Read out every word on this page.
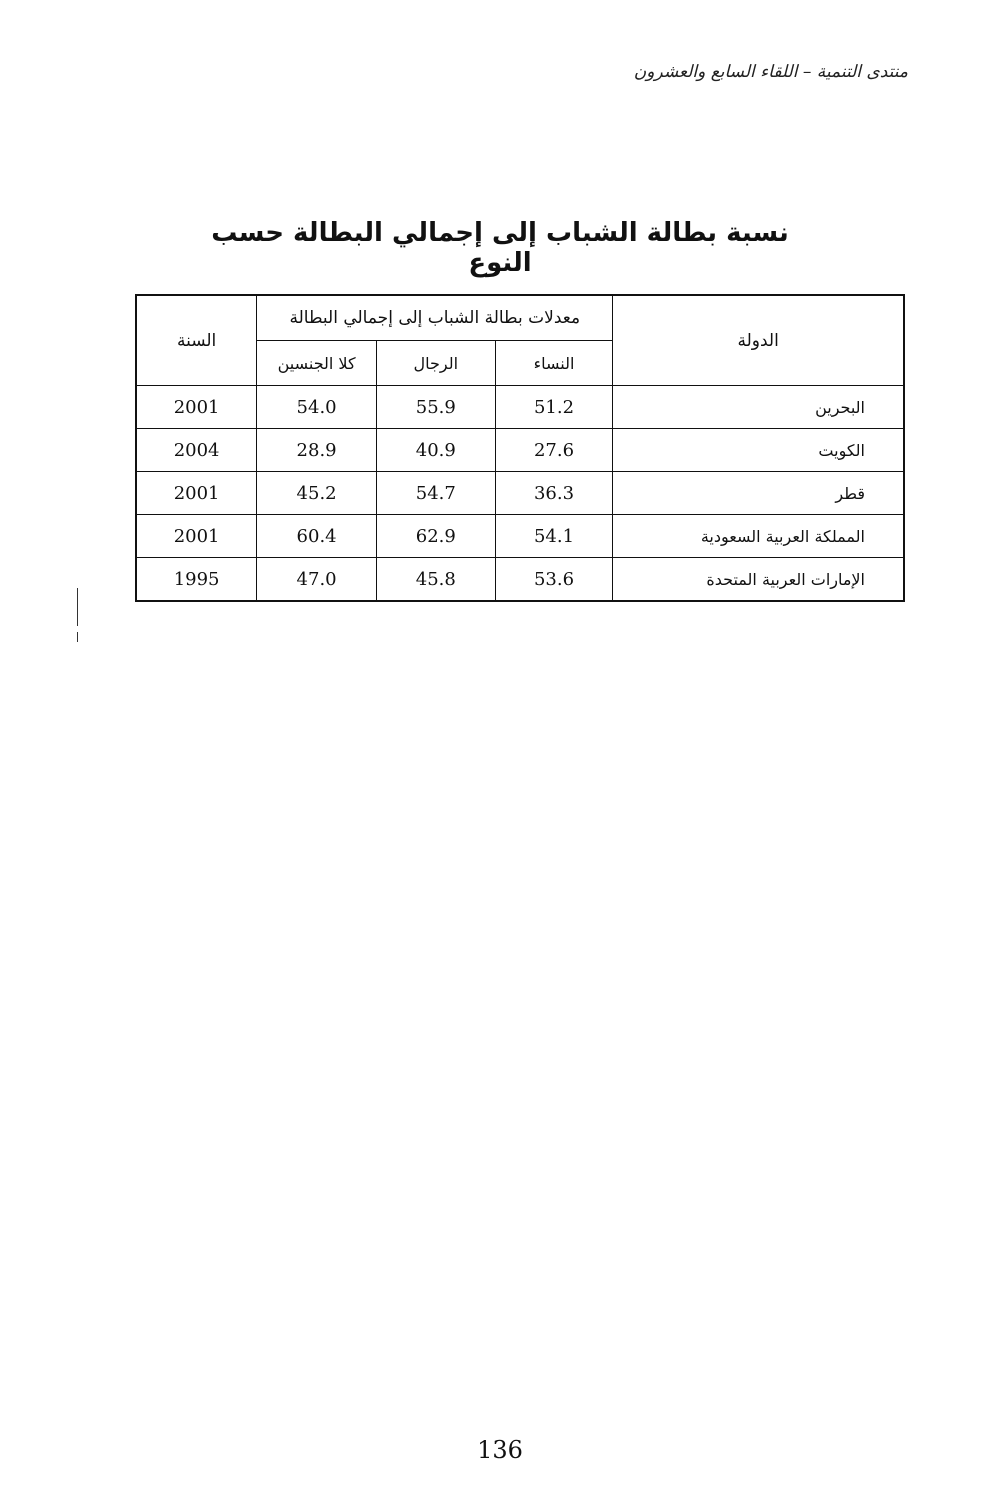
منتدى التنمية – اللقاء السابع والعشرون
نسبة بطالة الشباب إلى إجمالي البطالة حسب النوع
الدولة	معدلات بطالة الشباب إلى إجمالي البطالة			السنة
	النساء	الرجال	كلا الجنسين	
البحرين	51.2	55.9	54.0	2001
الكويت	27.6	40.9	28.9	2004
قطر	36.3	54.7	45.2	2001
المملكة العربية السعودية	54.1	62.9	60.4	2001
الإمارات العربية المتحدة	53.6	45.8	47.0	1995
136
